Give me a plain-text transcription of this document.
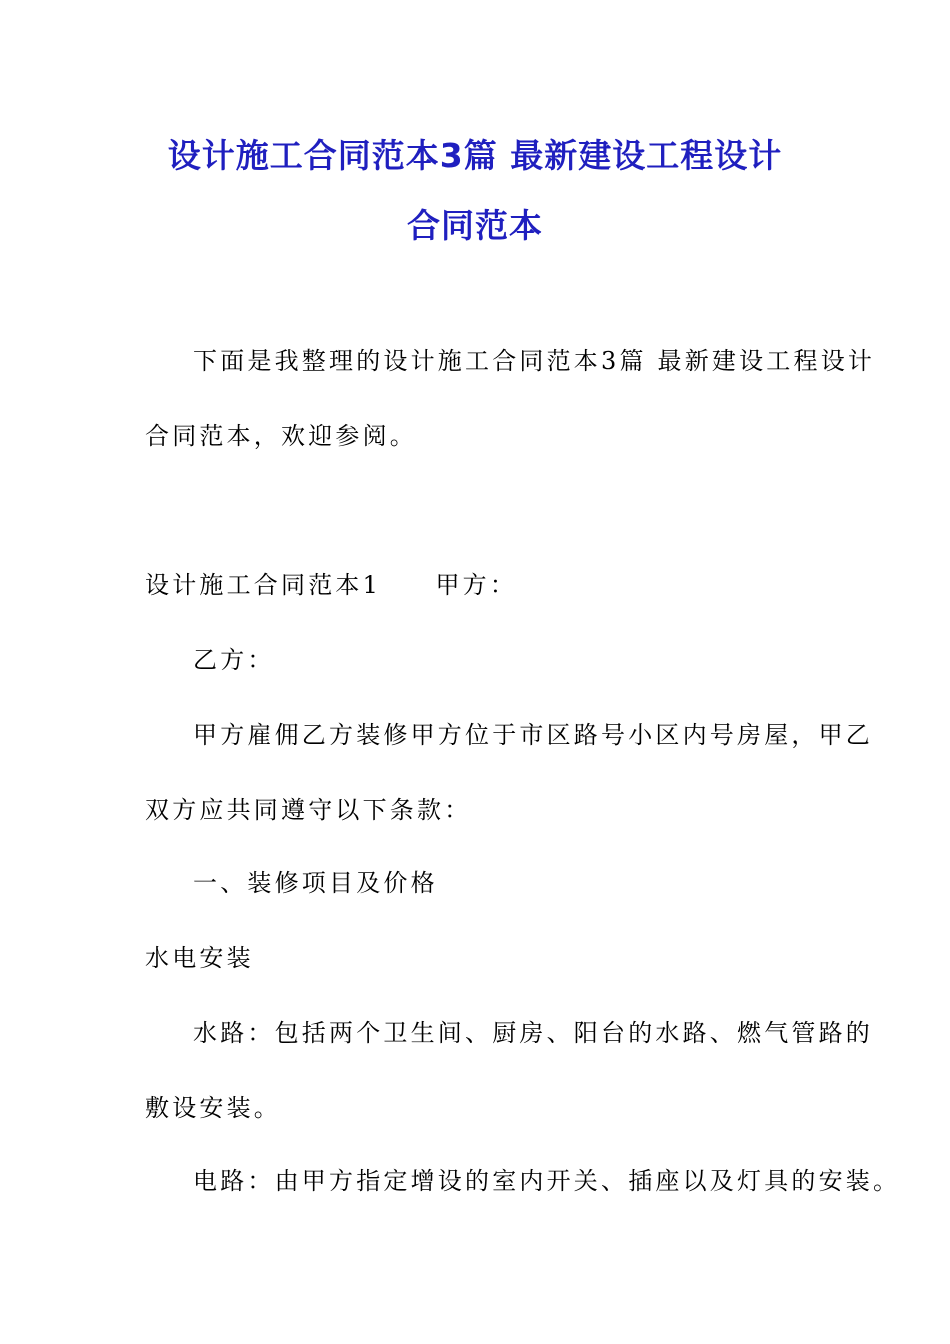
设计施工合同范本3篇 最新建设工程设计
合同范本
下面是我整理的设计施工合同范本3篇 最新建设工程设计
合同范本，欢迎参阅。
设计施工合同范本1　　甲方：
乙方：
甲方雇佣乙方装修甲方位于市区路号小区内号房屋，甲乙
双方应共同遵守以下条款：
一、装修项目及价格
水电安装
水路：包括两个卫生间、厨房、阳台的水路、燃气管路的
敷设安装。
电路：由甲方指定增设的室内开关、插座以及灯具的安装。
